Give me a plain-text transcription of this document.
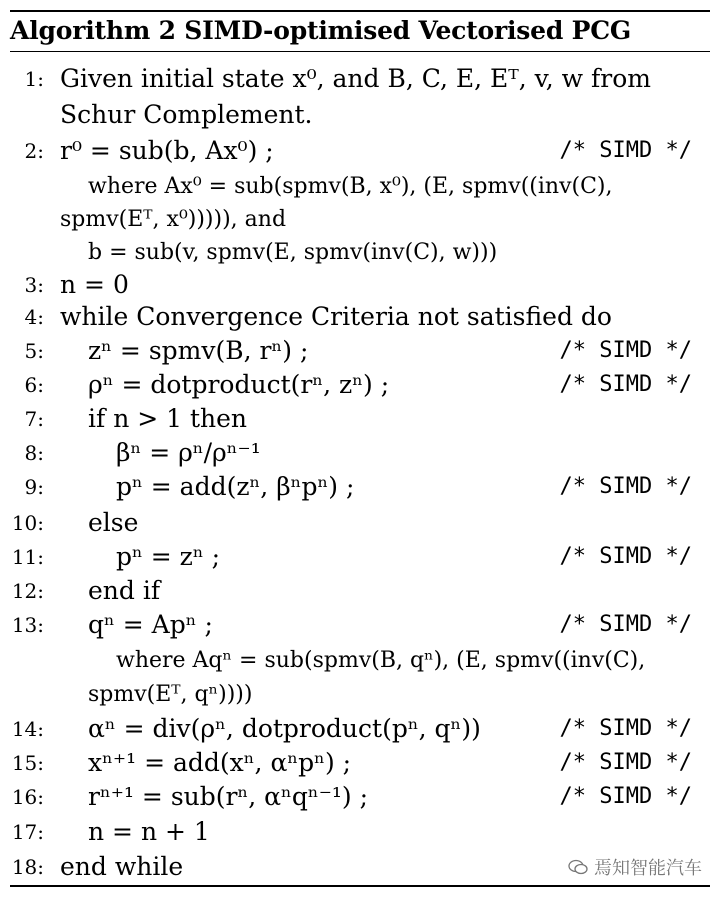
Algorithm 2 SIMD-optimised Vectorised PCG
1: Given initial state x⁰, and B, C, E, Eᵀ, v, w from
Schur Complement.
2: r⁰ = sub(b, Ax⁰) ;	/* SIMD */
where Ax⁰ = sub(spmv(B, x⁰), (E, spmv((inv(C),
spmv(Eᵀ, x⁰))))), and
b = sub(v, spmv(E, spmv(inv(C), w)))
3: n = 0
4: while Convergence Criteria not satisfied do
5: zⁿ = spmv(B, rⁿ) ;	/* SIMD */
6: ρⁿ = dotproduct(rⁿ, zⁿ) ;	/* SIMD */
7: if n > 1 then
8:	βⁿ = ρⁿ/ρⁿ⁻¹
9:	pⁿ = add(zⁿ, βⁿpⁿ) ;	/* SIMD */
10: else
11:	pⁿ = zⁿ ;	/* SIMD */
12: end if
13: qⁿ = Apⁿ ;	/* SIMD */
where Aqⁿ = sub(spmv(B, qⁿ), (E, spmv((inv(C),
spmv(Eᵀ, qⁿ))))
14: αⁿ = div(ρⁿ, dotproduct(pⁿ, qⁿ))	/* SIMD */
15: xⁿ⁺¹ = add(xⁿ, αⁿpⁿ) ;	/* SIMD */
16: rⁿ⁺¹ = sub(rⁿ, αⁿqⁿ⁻¹) ;	/* SIMD */
17: n = n + 1
18: end while	焉知智能汽车
